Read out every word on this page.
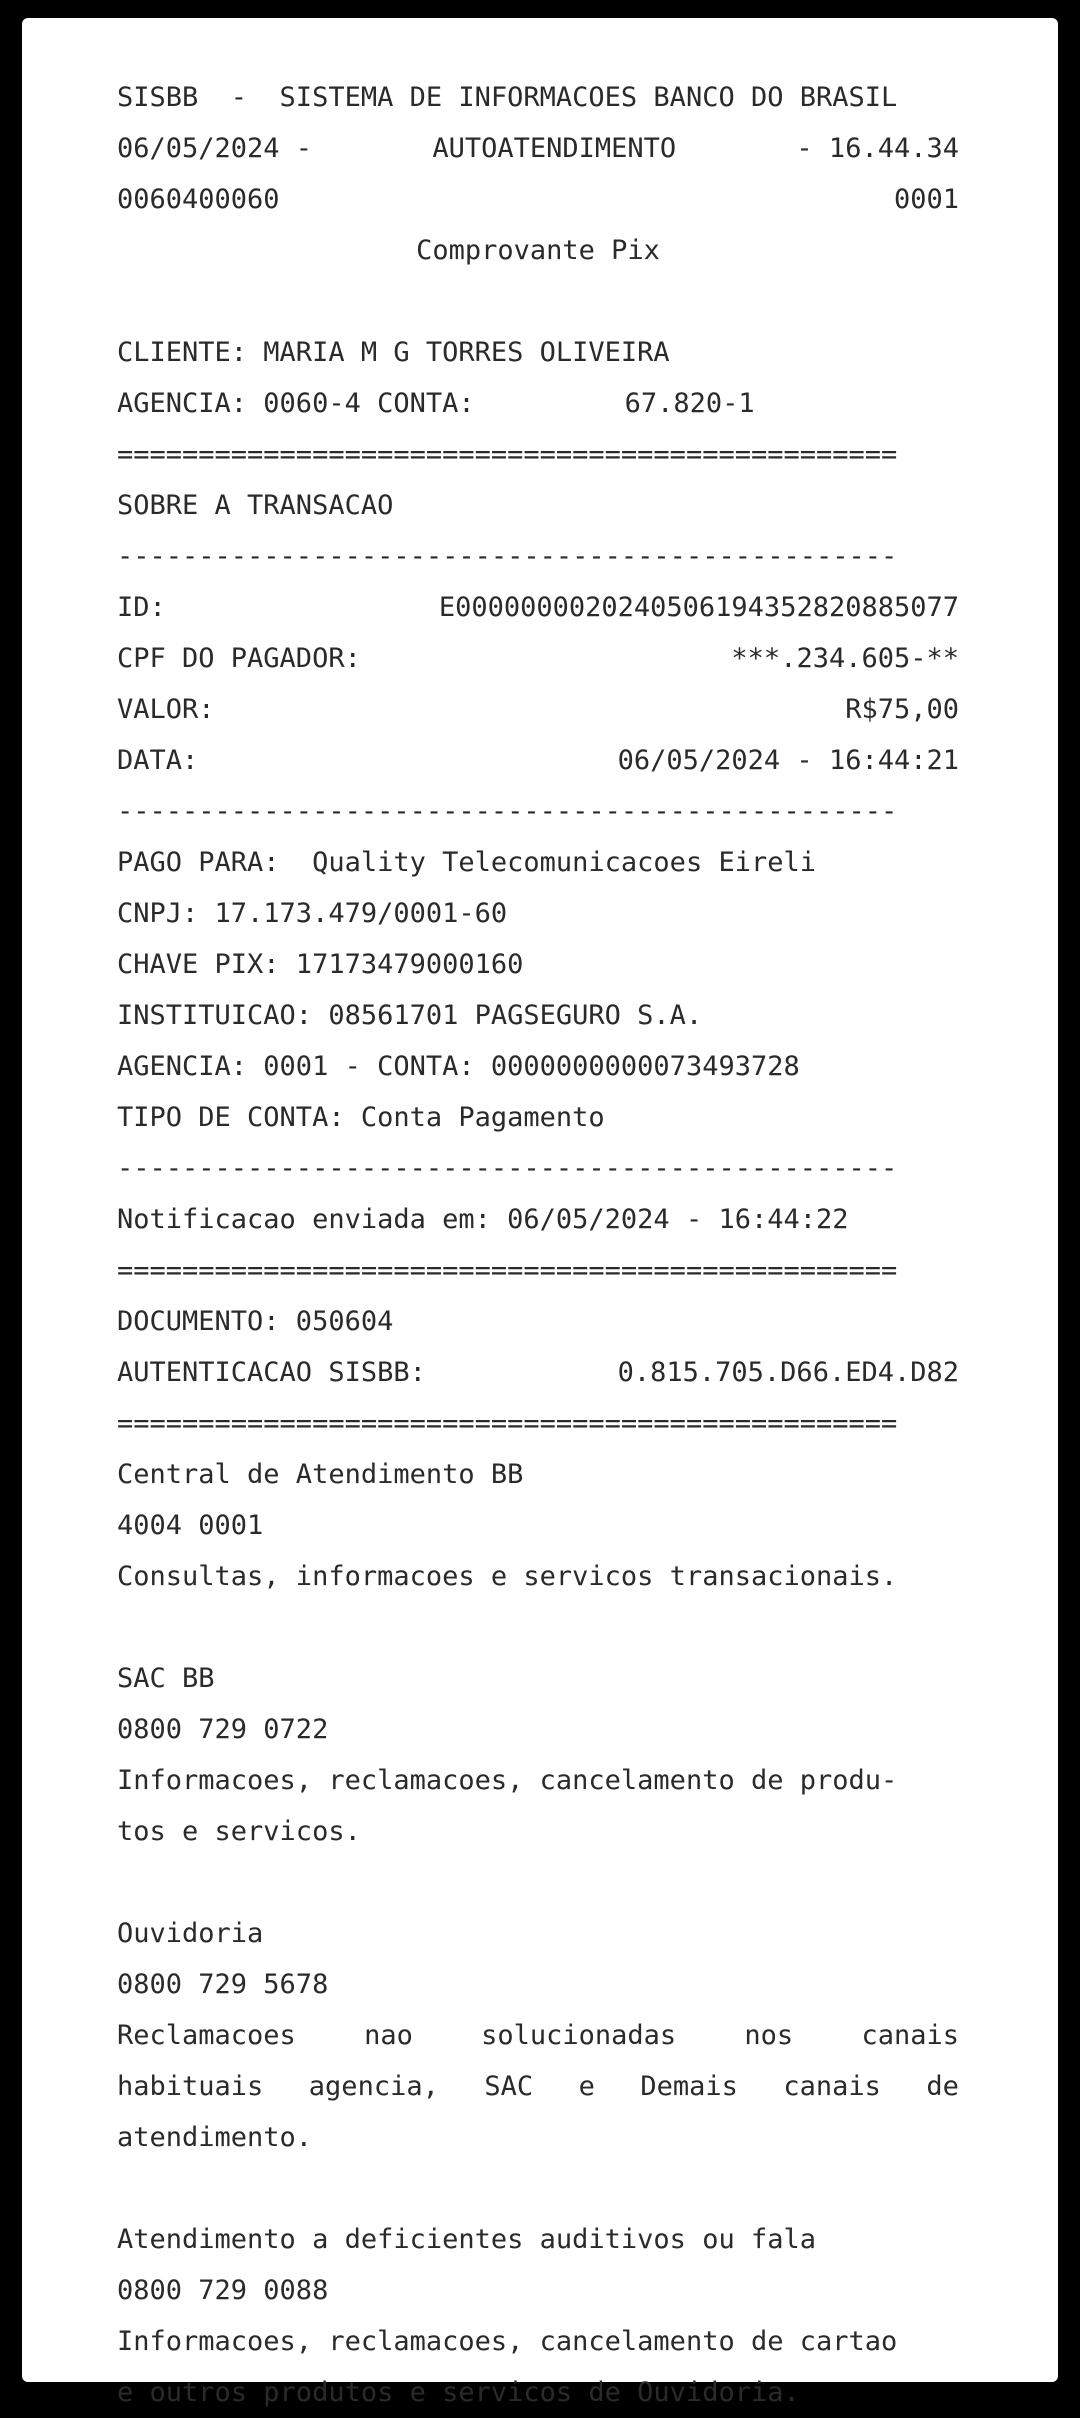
SISBB  -  SISTEMA DE INFORMACOES BANCO DO BRASIL
06/05/2024 -	AUTOATENDIMENTO	- 16.44.34
0060400060	0001
Comprovante Pix
CLIENTE: MARIA M G TORRES OLIVEIRA
AGENCIA: 0060-4 CONTA:	67.820-1
================================================
SOBRE A TRANSACAO
------------------------------------------------
ID:	E00000000202405061943528208850​77
CPF DO PAGADOR:	***.234.605-**
VALOR:	R$75,00
DATA:	06/05/2024 - 16:44:21
------------------------------------------------
PAGO PARA:  Quality Telecomunicacoes Eireli
CNPJ: 17.173.479/0001-60
CHAVE PIX: 17173479000160
INSTITUICAO: 08561701 PAGSEGURO S.A.
AGENCIA: 0001 - CONTA: 0000000000073493728
TIPO DE CONTA: Conta Pagamento
------------------------------------------------
Notificacao enviada em: 06/05/2024 - 16:44:22
================================================
DOCUMENTO: 050604
AUTENTICACAO SISBB:	0.815.705.D66.ED4.D82
================================================
Central de Atendimento BB
4004 0001
Consultas, informacoes e servicos transacionais.
SAC BB
0800 729 0722
Informacoes, reclamacoes, cancelamento de produ-
tos e servicos.
Ouvidoria
0800 729 5678
Reclamacoes	nao	solucionadas	nos	canais
habituais agencia, SAC e Demais canais de
atendimento.
Atendimento a deficientes auditivos ou fala
0800 729 0088
Informacoes, reclamacoes, cancelamento de cartao
e outros produtos e servicos de Ouvidoria.
